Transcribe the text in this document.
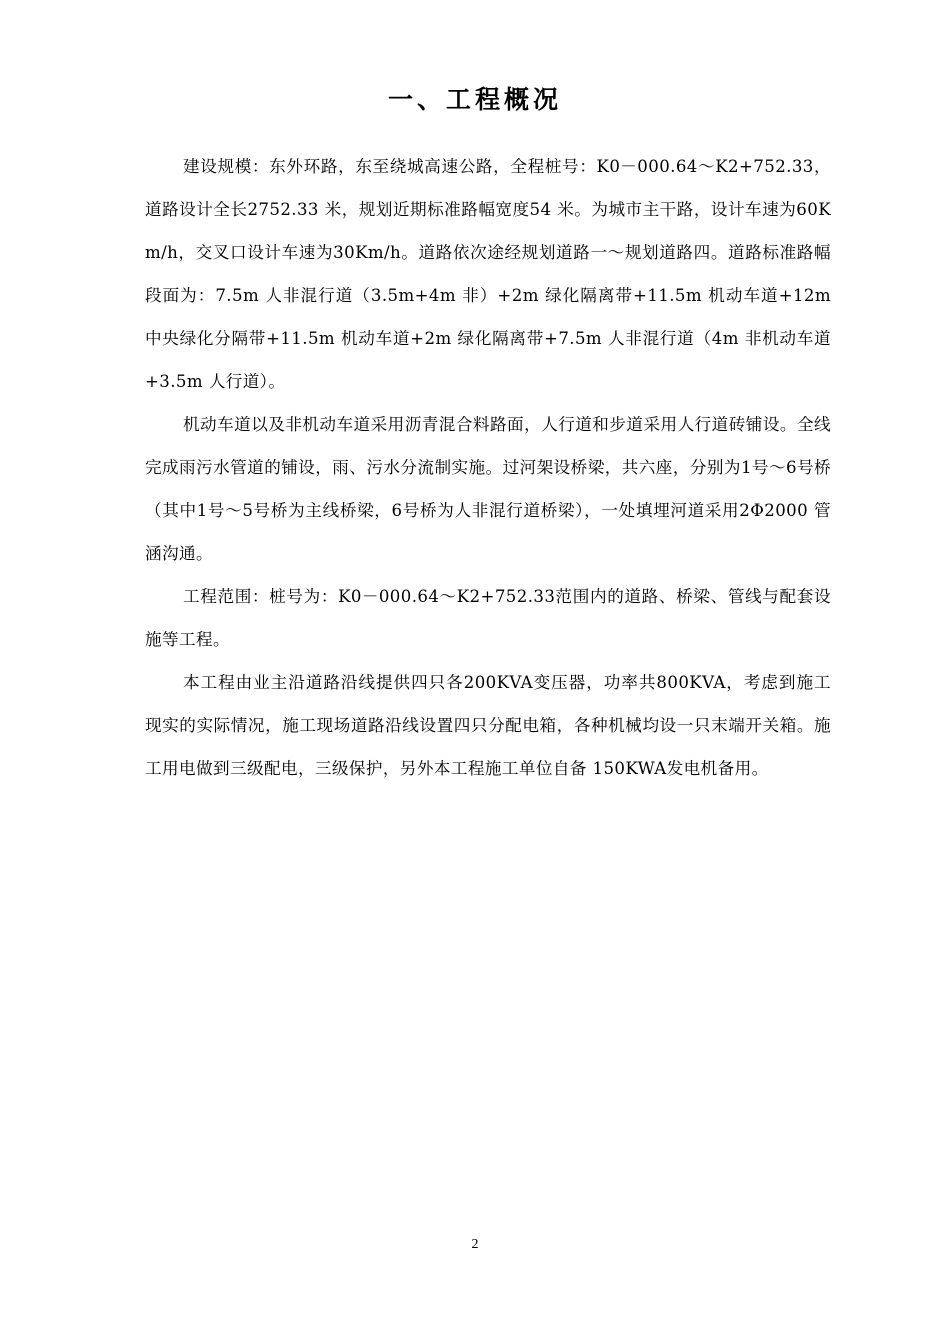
一、工程概况

建设规模：东外环路，东至绕城高速公路，全程桩号：K0－000.64～K2+752.33，道路设计全长2752.33 米，规划近期标准路幅宽度54 米。为城市主干路，设计车速为60Km/h，交叉口设计车速为30Km/h。道路依次途经规划道路一～规划道路四。道路标准路幅段面为：7.5m 人非混行道（3.5m+4m 非）+2m 绿化隔离带+11.5m 机动车道+12m 中央绿化分隔带+11.5m 机动车道+2m 绿化隔离带+7.5m 人非混行道（4m 非机动车道+3.5m 人行道）。

机动车道以及非机动车道采用沥青混合料路面，人行道和步道采用人行道砖铺设。全线完成雨污水管道的铺设，雨、污水分流制实施。过河架设桥梁，共六座，分别为1号～6号桥（其中1号～5号桥为主线桥梁，6号桥为人非混行道桥梁），一处填埋河道采用2Φ2000 管涵沟通。

工程范围：桩号为：K0－000.64～K2+752.33范围内的道路、桥梁、管线与配套设施等工程。

本工程由业主沿道路沿线提供四只各200KVA变压器，功率共800KVA，考虑到施工现实的实际情况，施工现场道路沿线设置四只分配电箱，各种机械均设一只末端开关箱。施工用电做到三级配电，三级保护，另外本工程施工单位自备 150KWA发电机备用。

2
